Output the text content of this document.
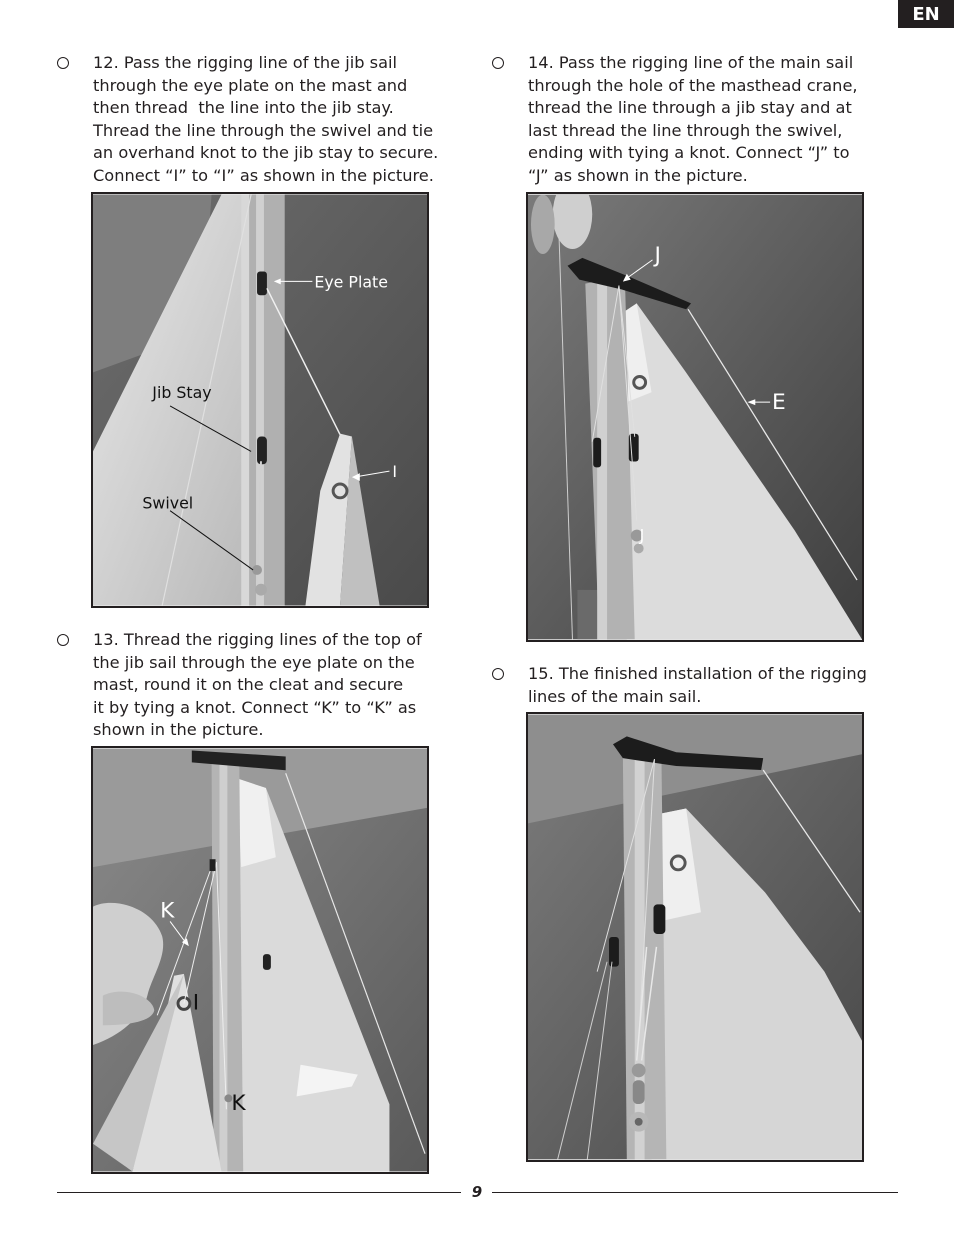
EN
12. Pass the rigging line of the jib sail
through the eye plate on the mast and
then thread  the line into the jib stay.
Thread the line through the swivel and tie
an overhand knot to the jib stay to secure.
Connect “I” to “I” as shown in the picture.
Eye Plate
Jib Stay
Swivel
I
13. Thread the rigging lines of the top of
the jib sail through the eye plate on the
mast, round it on the cleat and secure
it by tying a knot. Connect “K” to “K” as
shown in the picture.
K
I
K
14. Pass the rigging line of the main sail
through the hole of the masthead crane,
thread the line through a jib stay and at
last thread the line through the swivel,
ending with tying a knot. Connect “J” to
“J” as shown in the picture.
J
E
J
15. The finished installation of the rigging
lines of the main sail.
9
